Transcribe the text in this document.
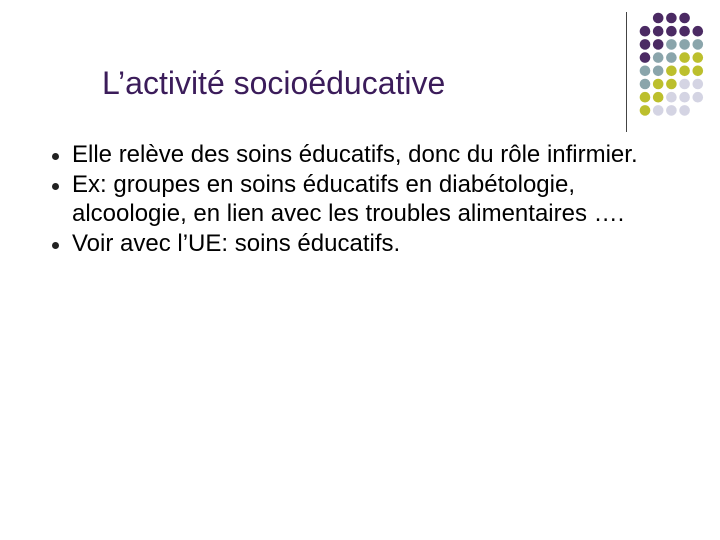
L’activité socioéducative
Elle relève des soins éducatifs, donc du rôle infirmier.
Ex: groupes en soins éducatifs en diabétologie, alcoologie, en lien avec les troubles alimentaires ….
Voir avec l’UE: soins éducatifs.
